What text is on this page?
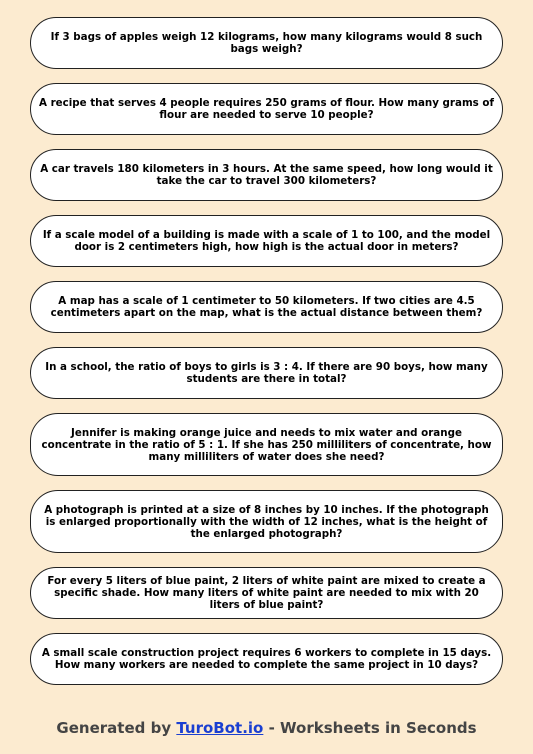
If 3 bags of apples weigh 12 kilograms, how many kilograms would 8 such bags weigh?
A recipe that serves 4 people requires 250 grams of flour. How many grams of flour are needed to serve 10 people?
A car travels 180 kilometers in 3 hours. At the same speed, how long would it take the car to travel 300 kilometers?
If a scale model of a building is made with a scale of 1 to 100, and the model door is 2 centimeters high, how high is the actual door in meters?
A map has a scale of 1 centimeter to 50 kilometers. If two cities are 4.5 centimeters apart on the map, what is the actual distance between them?
In a school, the ratio of boys to girls is 3 : 4. If there are 90 boys, how many students are there in total?
Jennifer is making orange juice and needs to mix water and orange concentrate in the ratio of 5 : 1. If she has 250 milliliters of concentrate, how many milliliters of water does she need?
A photograph is printed at a size of 8 inches by 10 inches. If the photograph is enlarged proportionally with the width of 12 inches, what is the height of the enlarged photograph?
For every 5 liters of blue paint, 2 liters of white paint are mixed to create a specific shade. How many liters of white paint are needed to mix with 20 liters of blue paint?
A small scale construction project requires 6 workers to complete in 15 days. How many workers are needed to complete the same project in 10 days?
Generated by TuroBot.io - Worksheets in Seconds
